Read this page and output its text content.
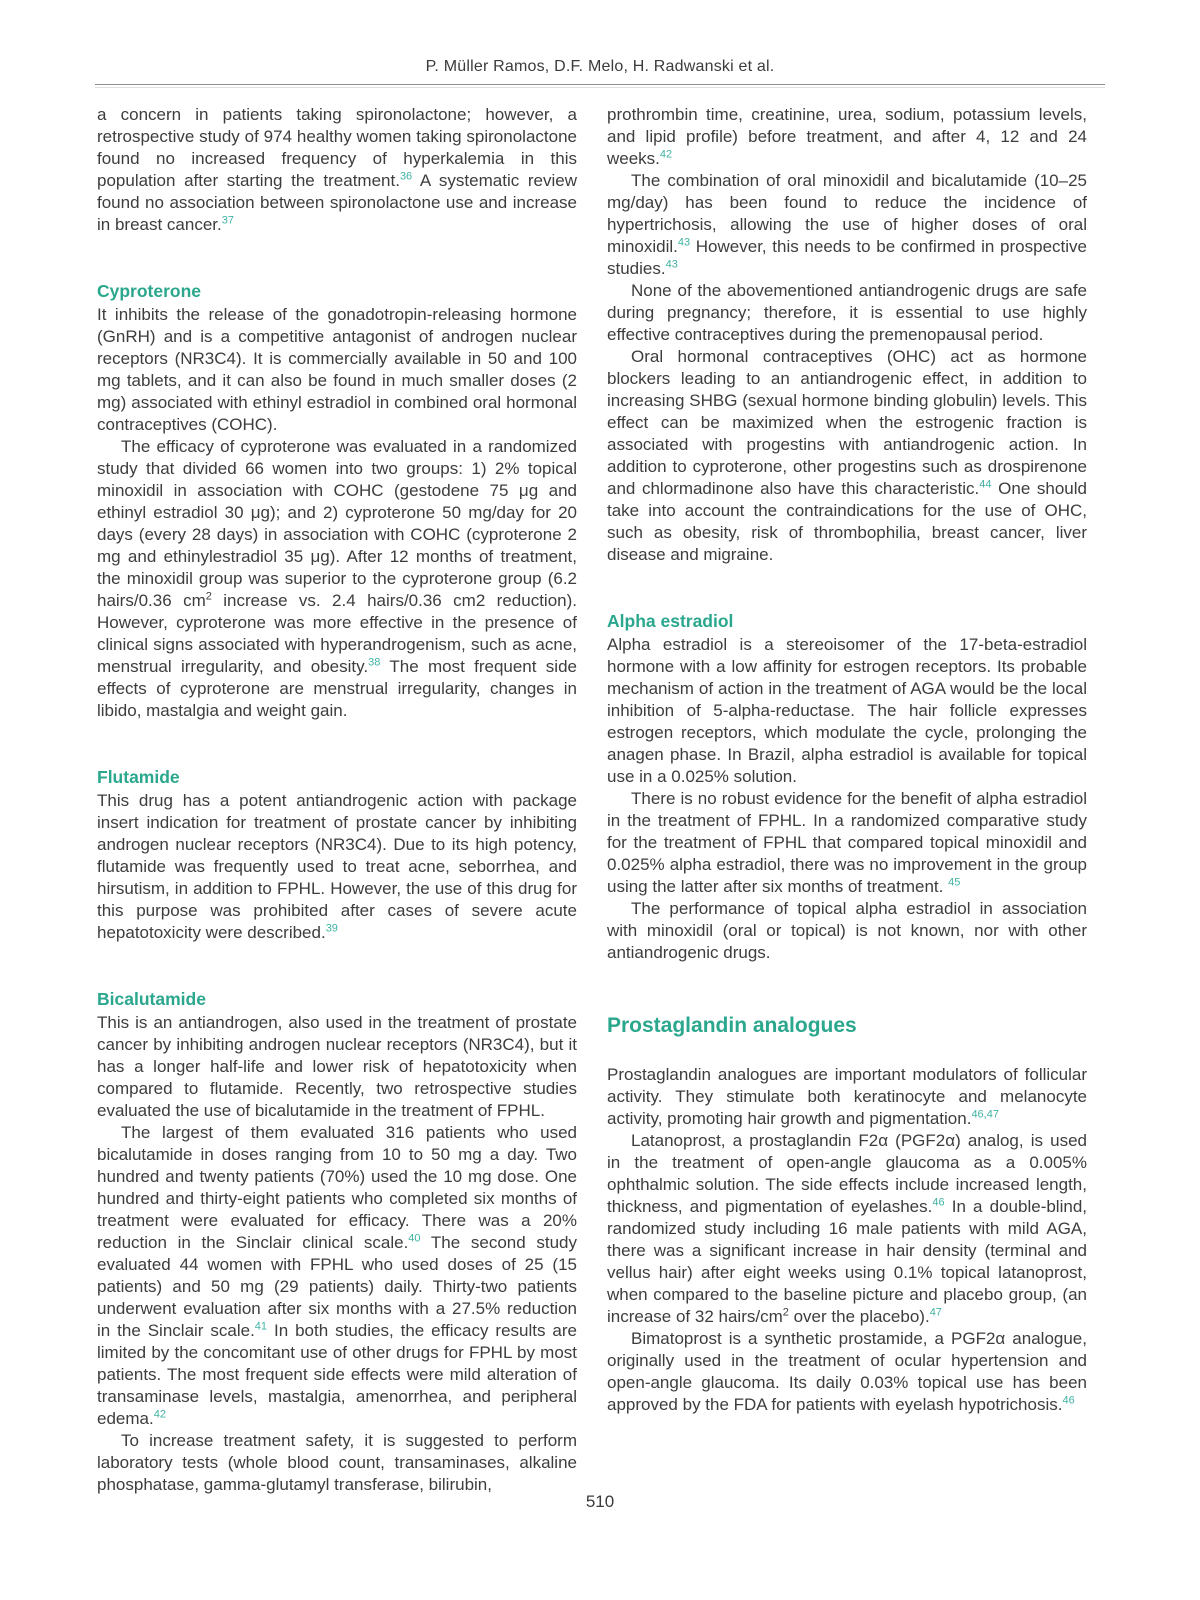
P. Müller Ramos, D.F. Melo, H. Radwanski et al.

a concern in patients taking spironolactone; however, a retrospective study of 974 healthy women taking spironolactone found no increased frequency of hyperkalemia in this population after starting the treatment.$^{36}$ A systematic review found no association between spironolactone use and increase in breast cancer.$^{37}$

Cyproterone

It inhibits the release of the gonadotropin-releasing hormone (GnRH) and is a competitive antagonist of androgen nuclear receptors (NR3C4). It is commercially available in 50 and 100 mg tablets, and it can also be found in much smaller doses (2 mg) associated with ethinyl estradiol in combined oral hormonal contraceptives (COHC).

The efficacy of cyproterone was evaluated in a randomized study that divided 66 women into two groups: 1) 2% topical minoxidil in association with COHC (gestodene 75 μg and ethinyl estradiol 30 μg); and 2) cyproterone 50 mg/day for 20 days (every 28 days) in association with COHC (cyproterone 2 mg and ethinylestradiol 35 μg). After 12 months of treatment, the minoxidil group was superior to the cyproterone group (6.2 hairs/0.36 $cm^2$ increase vs. 2.4 hairs/0.36 cm2 reduction). However, cyproterone was more effective in the presence of clinical signs associated with hyperandrogenism, such as acne, menstrual irregularity, and obesity.$^{38}$ The most frequent side effects of cyproterone are menstrual irregularity, changes in libido, mastalgia and weight gain.

Flutamide

This drug has a potent antiandrogenic action with package insert indication for treatment of prostate cancer by inhibiting androgen nuclear receptors (NR3C4). Due to its high potency, flutamide was frequently used to treat acne, seborrhea, and hirsutism, in addition to FPHL. However, the use of this drug for this purpose was prohibited after cases of severe acute hepatotoxicity were described.$^{39}$

Bicalutamide

This is an antiandrogen, also used in the treatment of prostate cancer by inhibiting androgen nuclear receptors (NR3C4), but it has a longer half-life and lower risk of hepatotoxicity when compared to flutamide. Recently, two retrospective studies evaluated the use of bicalutamide in the treatment of FPHL.

The largest of them evaluated 316 patients who used bicalutamide in doses ranging from 10 to 50 mg a day. Two hundred and twenty patients (70%) used the 10 mg dose. One hundred and thirty-eight patients who completed six months of treatment were evaluated for efficacy. There was a 20% reduction in the Sinclair clinical scale.$^{40}$ The second study evaluated 44 women with FPHL who used doses of 25 (15 patients) and 50 mg (29 patients) daily. Thirty-two patients underwent evaluation after six months with a 27.5% reduction in the Sinclair scale.$^{41}$ In both studies, the efficacy results are limited by the concomitant use of other drugs for FPHL by most patients. The most frequent side effects were mild alteration of transaminase levels, mastalgia, amenorrhea, and peripheral edema.$^{42}$

To increase treatment safety, it is suggested to perform laboratory tests (whole blood count, transaminases, alkaline phosphatase, gamma-glutamyl transferase, bilirubin,

prothrombin time, creatinine, urea, sodium, potassium levels, and lipid profile) before treatment, and after 4, 12 and 24 weeks.$^{42}$

The combination of oral minoxidil and bicalutamide (10–25 mg/day) has been found to reduce the incidence of hypertrichosis, allowing the use of higher doses of oral minoxidil.$^{43}$ However, this needs to be confirmed in prospective studies.$^{43}$

None of the abovementioned antiandrogenic drugs are safe during pregnancy; therefore, it is essential to use highly effective contraceptives during the premenopausal period.

Oral hormonal contraceptives (OHC) act as hormone blockers leading to an antiandrogenic effect, in addition to increasing SHBG (sexual hormone binding globulin) levels. This effect can be maximized when the estrogenic fraction is associated with progestins with antiandrogenic action. In addition to cyproterone, other progestins such as drospirenone and chlormadinone also have this characteristic.$^{44}$ One should take into account the contraindications for the use of OHC, such as obesity, risk of thrombophilia, breast cancer, liver disease and migraine.

Alpha estradiol

Alpha estradiol is a stereoisomer of the 17-beta-estradiol hormone with a low affinity for estrogen receptors. Its probable mechanism of action in the treatment of AGA would be the local inhibition of 5-alpha-reductase. The hair follicle expresses estrogen receptors, which modulate the cycle, prolonging the anagen phase. In Brazil, alpha estradiol is available for topical use in a 0.025% solution.

There is no robust evidence for the benefit of alpha estradiol in the treatment of FPHL. In a randomized comparative study for the treatment of FPHL that compared topical minoxidil and 0.025% alpha estradiol, there was no improvement in the group using the latter after six months of treatment. $^{45}$

The performance of topical alpha estradiol in association with minoxidil (oral or topical) is not known, nor with other antiandrogenic drugs.

Prostaglandin analogues

Prostaglandin analogues are important modulators of follicular activity. They stimulate both keratinocyte and melanocyte activity, promoting hair growth and pigmentation.$^{46,47}$

Latanoprost, a prostaglandin F2α (PGF2α) analog, is used in the treatment of open-angle glaucoma as a 0.005% ophthalmic solution. The side effects include increased length, thickness, and pigmentation of eyelashes.$^{46}$ In a double-blind, randomized study including 16 male patients with mild AGA, there was a significant increase in hair density (terminal and vellus hair) after eight weeks using 0.1% topical latanoprost, when compared to the baseline picture and placebo group, (an increase of 32 hairs/$cm^2$ over the placebo).$^{47}$

Bimatoprost is a synthetic prostamide, a PGF2α analogue, originally used in the treatment of ocular hypertension and open-angle glaucoma. Its daily 0.03% topical use has been approved by the FDA for patients with eyelash hypotrichosis.$^{46}$

510
